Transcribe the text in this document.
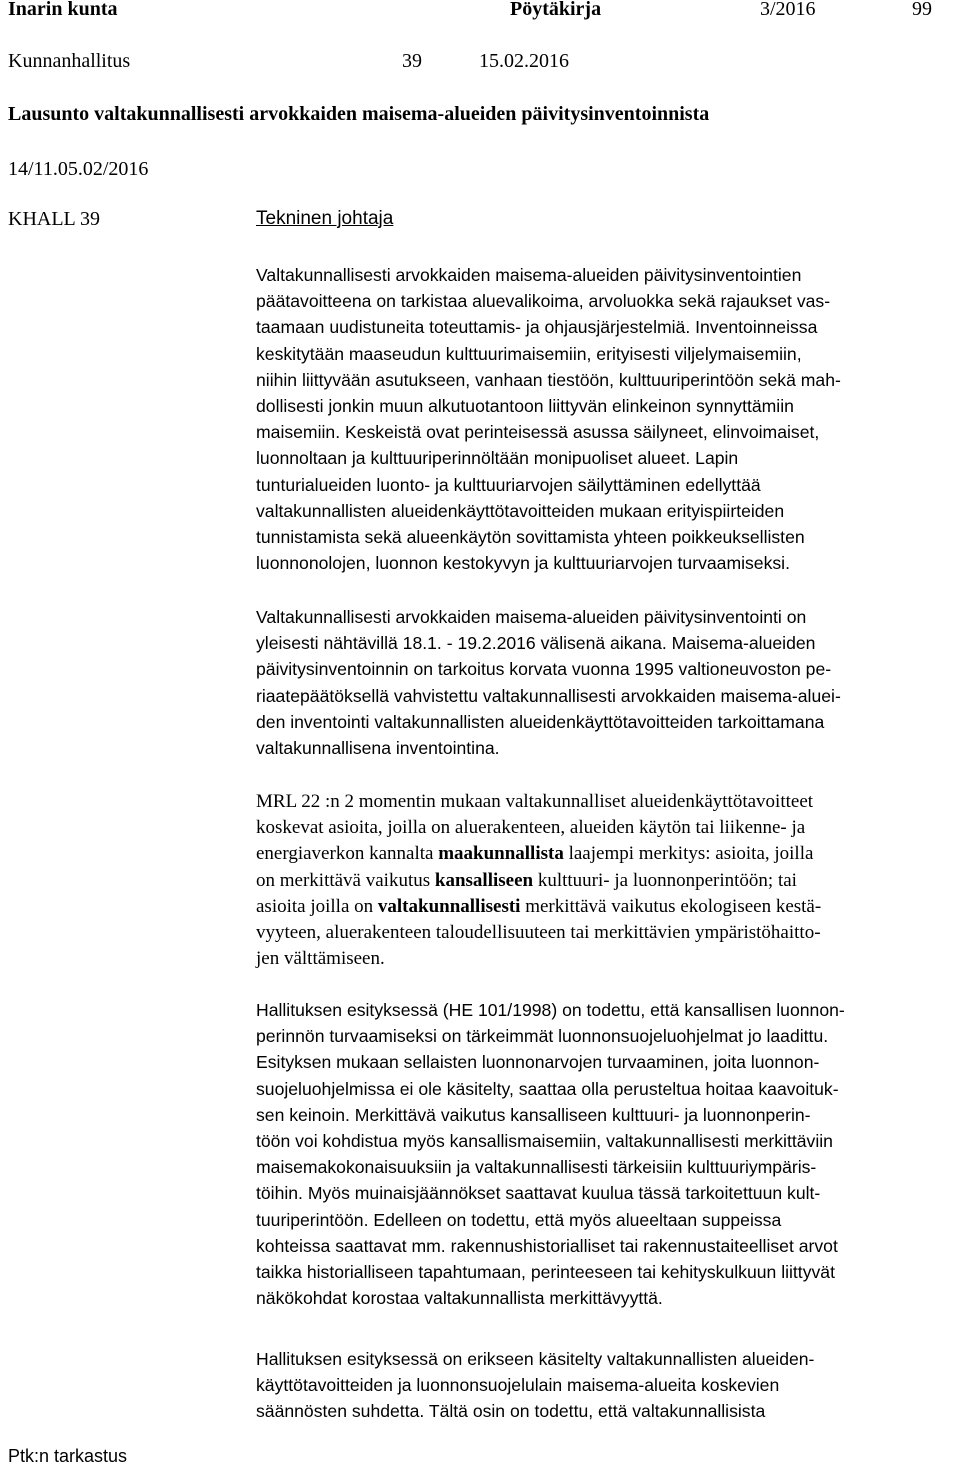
Inarin kunta	Pöytäkirja	3/2016	99
Kunnanhallitus	39	15.02.2016
Lausunto valtakunnallisesti arvokkaiden maisema-alueiden päivitysinventoinnista
14/11.05.02/2016
KHALL 39	Tekninen johtaja
Valtakunnallisesti arvokkaiden maisema-alueiden päivitysinventointien
päätavoitteena on tarkistaa aluevalikoima, arvoluokka sekä rajaukset vas-
taamaan uudistuneita toteuttamis- ja ohjausjärjestelmiä. Inventoinneissa
keskitytään maaseudun kulttuurimaisemiin, erityisesti viljelymaisemiin,
niihin liittyvään asutukseen, vanhaan tiestöön, kulttuuriperintöön sekä mah-
dollisesti jonkin muun alkutuotantoon liittyvän elinkeinon synnyttämiin
maisemiin. Keskeistä ovat perinteisessä asussa säilyneet, elinvoimaiset,
luonnoltaan ja kulttuuriperinnöltään monipuoliset alueet. Lapin
tunturialueiden luonto- ja kulttuuriarvojen säilyttäminen edellyttää
valtakunnallisten alueidenkäyttötavoitteiden mukaan erityispiirteiden
tunnistamista sekä alueenkäytön sovittamista yhteen poikkeuksellisten
luonnonolojen, luonnon kestokyvyn ja kulttuuriarvojen turvaamiseksi.
Valtakunnallisesti arvokkaiden maisema-alueiden päivitysinventointi on
yleisesti nähtävillä 18.1. - 19.2.2016 välisenä aikana. Maisema-alueiden
päivitysinventoinnin on tarkoitus korvata vuonna 1995 valtioneuvoston pe-
riaatepäätöksellä vahvistettu valtakunnallisesti arvokkaiden maisema-aluei-
den inventointi valtakunnallisten alueidenkäyttötavoitteiden tarkoittamana
valtakunnallisena inventointina.
MRL 22 :n 2 momentin mukaan valtakunnalliset alueidenkäyttötavoitteet
koskevat asioita, joilla on aluerakenteen, alueiden käytön tai liikenne- ja
energiaverkon kannalta maakunnallista laajempi merkitys: asioita, joilla
on merkittävä vaikutus kansalliseen kulttuuri- ja luonnonperintöön; tai
asioita joilla on valtakunnallisesti merkittävä vaikutus ekologiseen kestä-
vyyteen, aluerakenteen taloudellisuuteen tai merkittävien ympäristöhaitto-
jen välttämiseen.
Hallituksen esityksessä (HE 101/1998) on todettu, että kansallisen luonnon-
perinnön turvaamiseksi on tärkeimmät luonnonsuojeluohjelmat jo laadittu.
Esityksen mukaan sellaisten luonnonarvojen turvaaminen, joita luonnon-
suojeluohjelmissa ei ole käsitelty, saattaa olla perusteltua hoitaa kaavoituk-
sen keinoin. Merkittävä vaikutus kansalliseen kulttuuri- ja luonnonperin-
töön voi kohdistua myös kansallismaisemiin, valtakunnallisesti merkittäviin
maisemakokonaisuuksiin ja valtakunnallisesti tärkeisiin kulttuuriympäris-
töihin. Myös muinaisjäännökset saattavat kuulua tässä tarkoitettuun kult-
tuuriperintöön. Edelleen on todettu, että myös alueeltaan suppeissa
kohteissa saattavat mm. rakennushistorialliset tai rakennustaiteelliset arvot
taikka historialliseen tapahtumaan, perinteeseen tai kehityskulkuun liittyvät
näkökohdat korostaa valtakunnallista merkittävyyttä.
Hallituksen esityksessä on erikseen käsitelty valtakunnallisten alueiden-
käyttötavoitteiden ja luonnonsuojelulain maisema-alueita koskevien
säännösten suhdetta. Tältä osin on todettu, että valtakunnallisista
Ptk:n tarkastus
